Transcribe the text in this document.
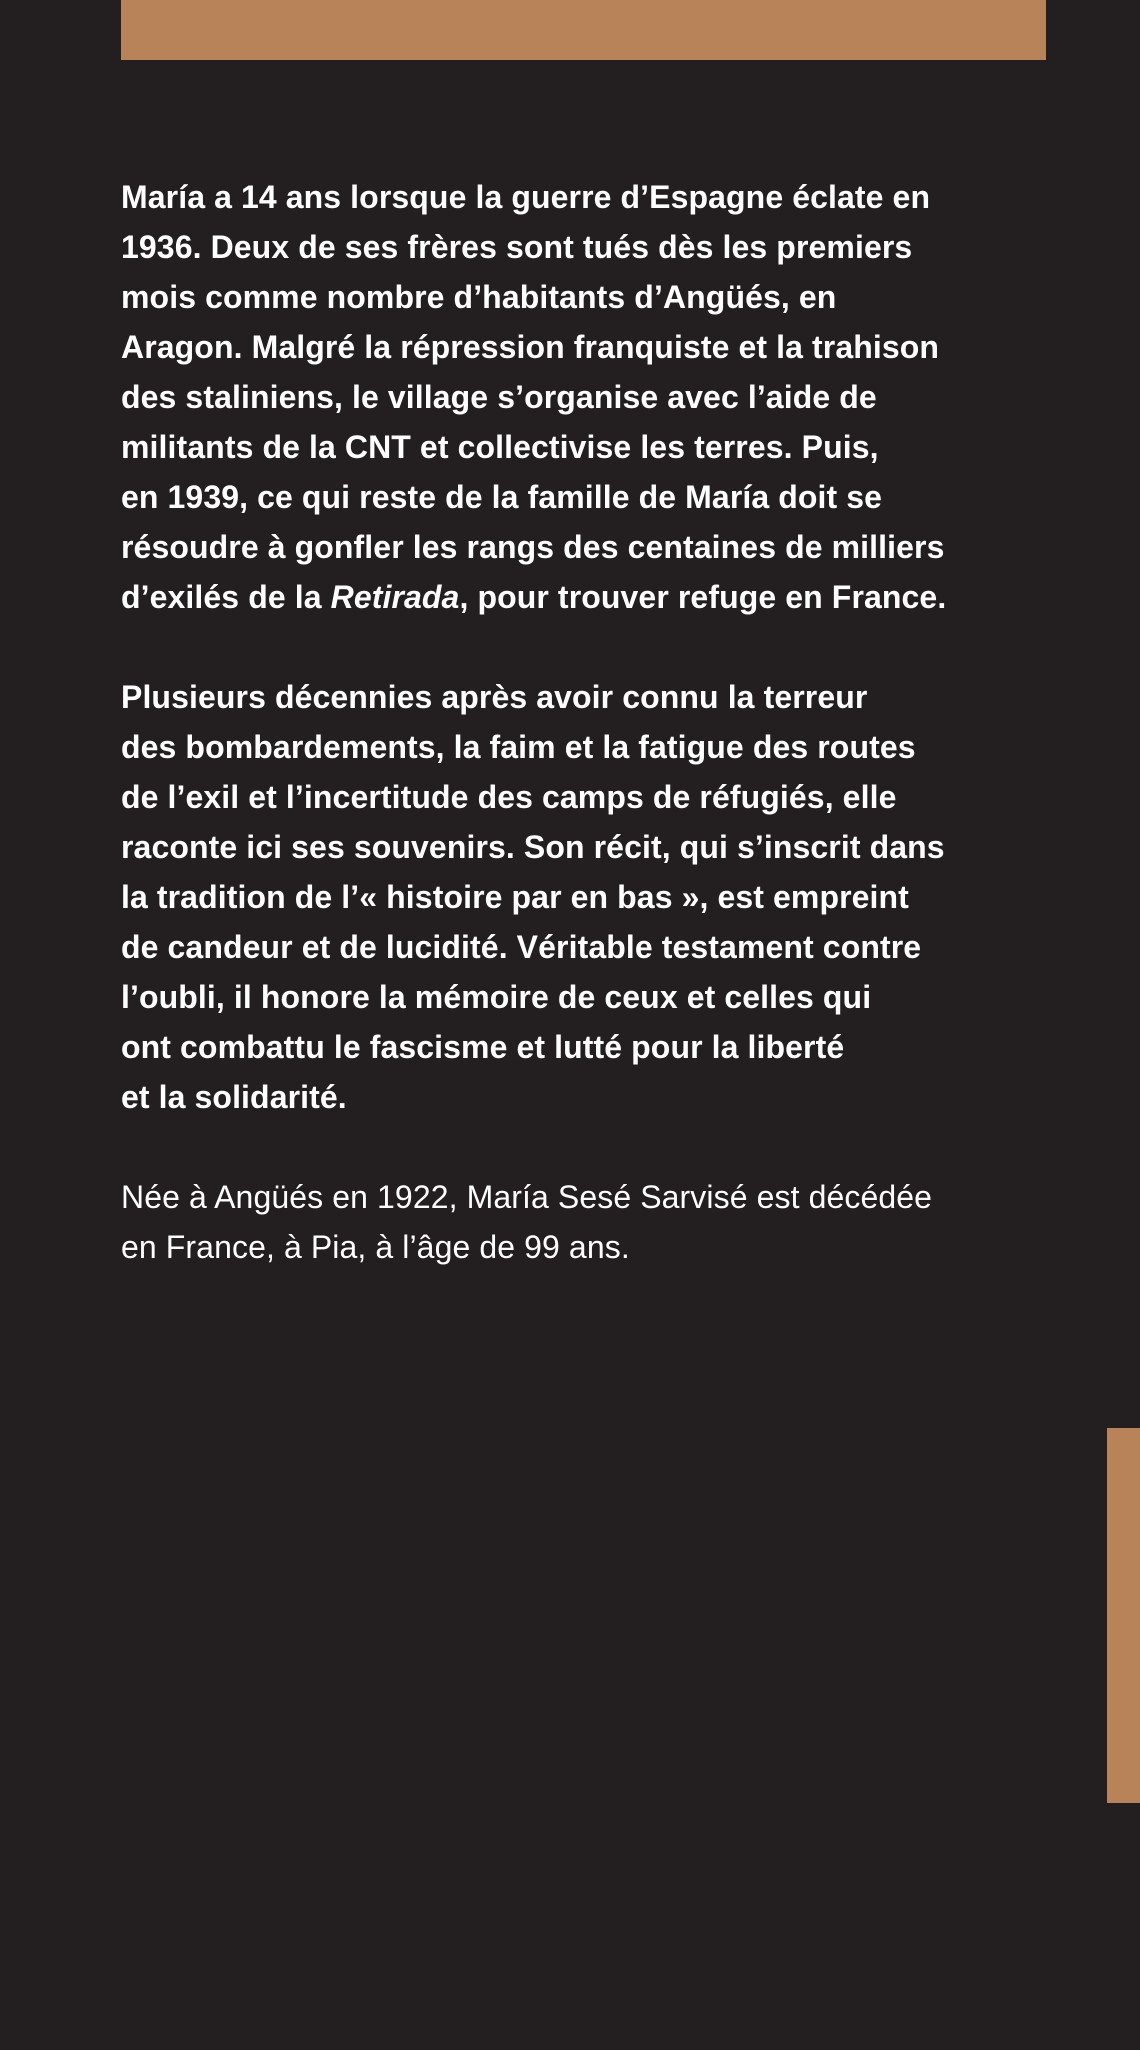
María a 14 ans lorsque la guerre d’Espagne éclate en
1936. Deux de ses frères sont tués dès les premiers
mois comme nombre d’habitants d’Angüés, en
Aragon. Malgré la répression franquiste et la trahison
des staliniens, le village s’organise avec l’aide de
militants de la CNT et collectivise les terres. Puis,
en 1939, ce qui reste de la famille de María doit se
résoudre à gonfler les rangs des centaines de milliers
d’exilés de la Retirada, pour trouver refuge en France.

Plusieurs décennies après avoir connu la terreur
des bombardements, la faim et la fatigue des routes
de l’exil et l’incertitude des camps de réfugiés, elle
raconte ici ses souvenirs. Son récit, qui s’inscrit dans
la tradition de l’« histoire par en bas », est empreint
de candeur et de lucidité. Véritable testament contre
l’oubli, il honore la mémoire de ceux et celles qui
ont combattu le fascisme et lutté pour la liberté
et la solidarité.

Née à Angüés en 1922, María Sesé Sarvisé est décédée
en France, à Pia, à l’âge de 99 ans.
